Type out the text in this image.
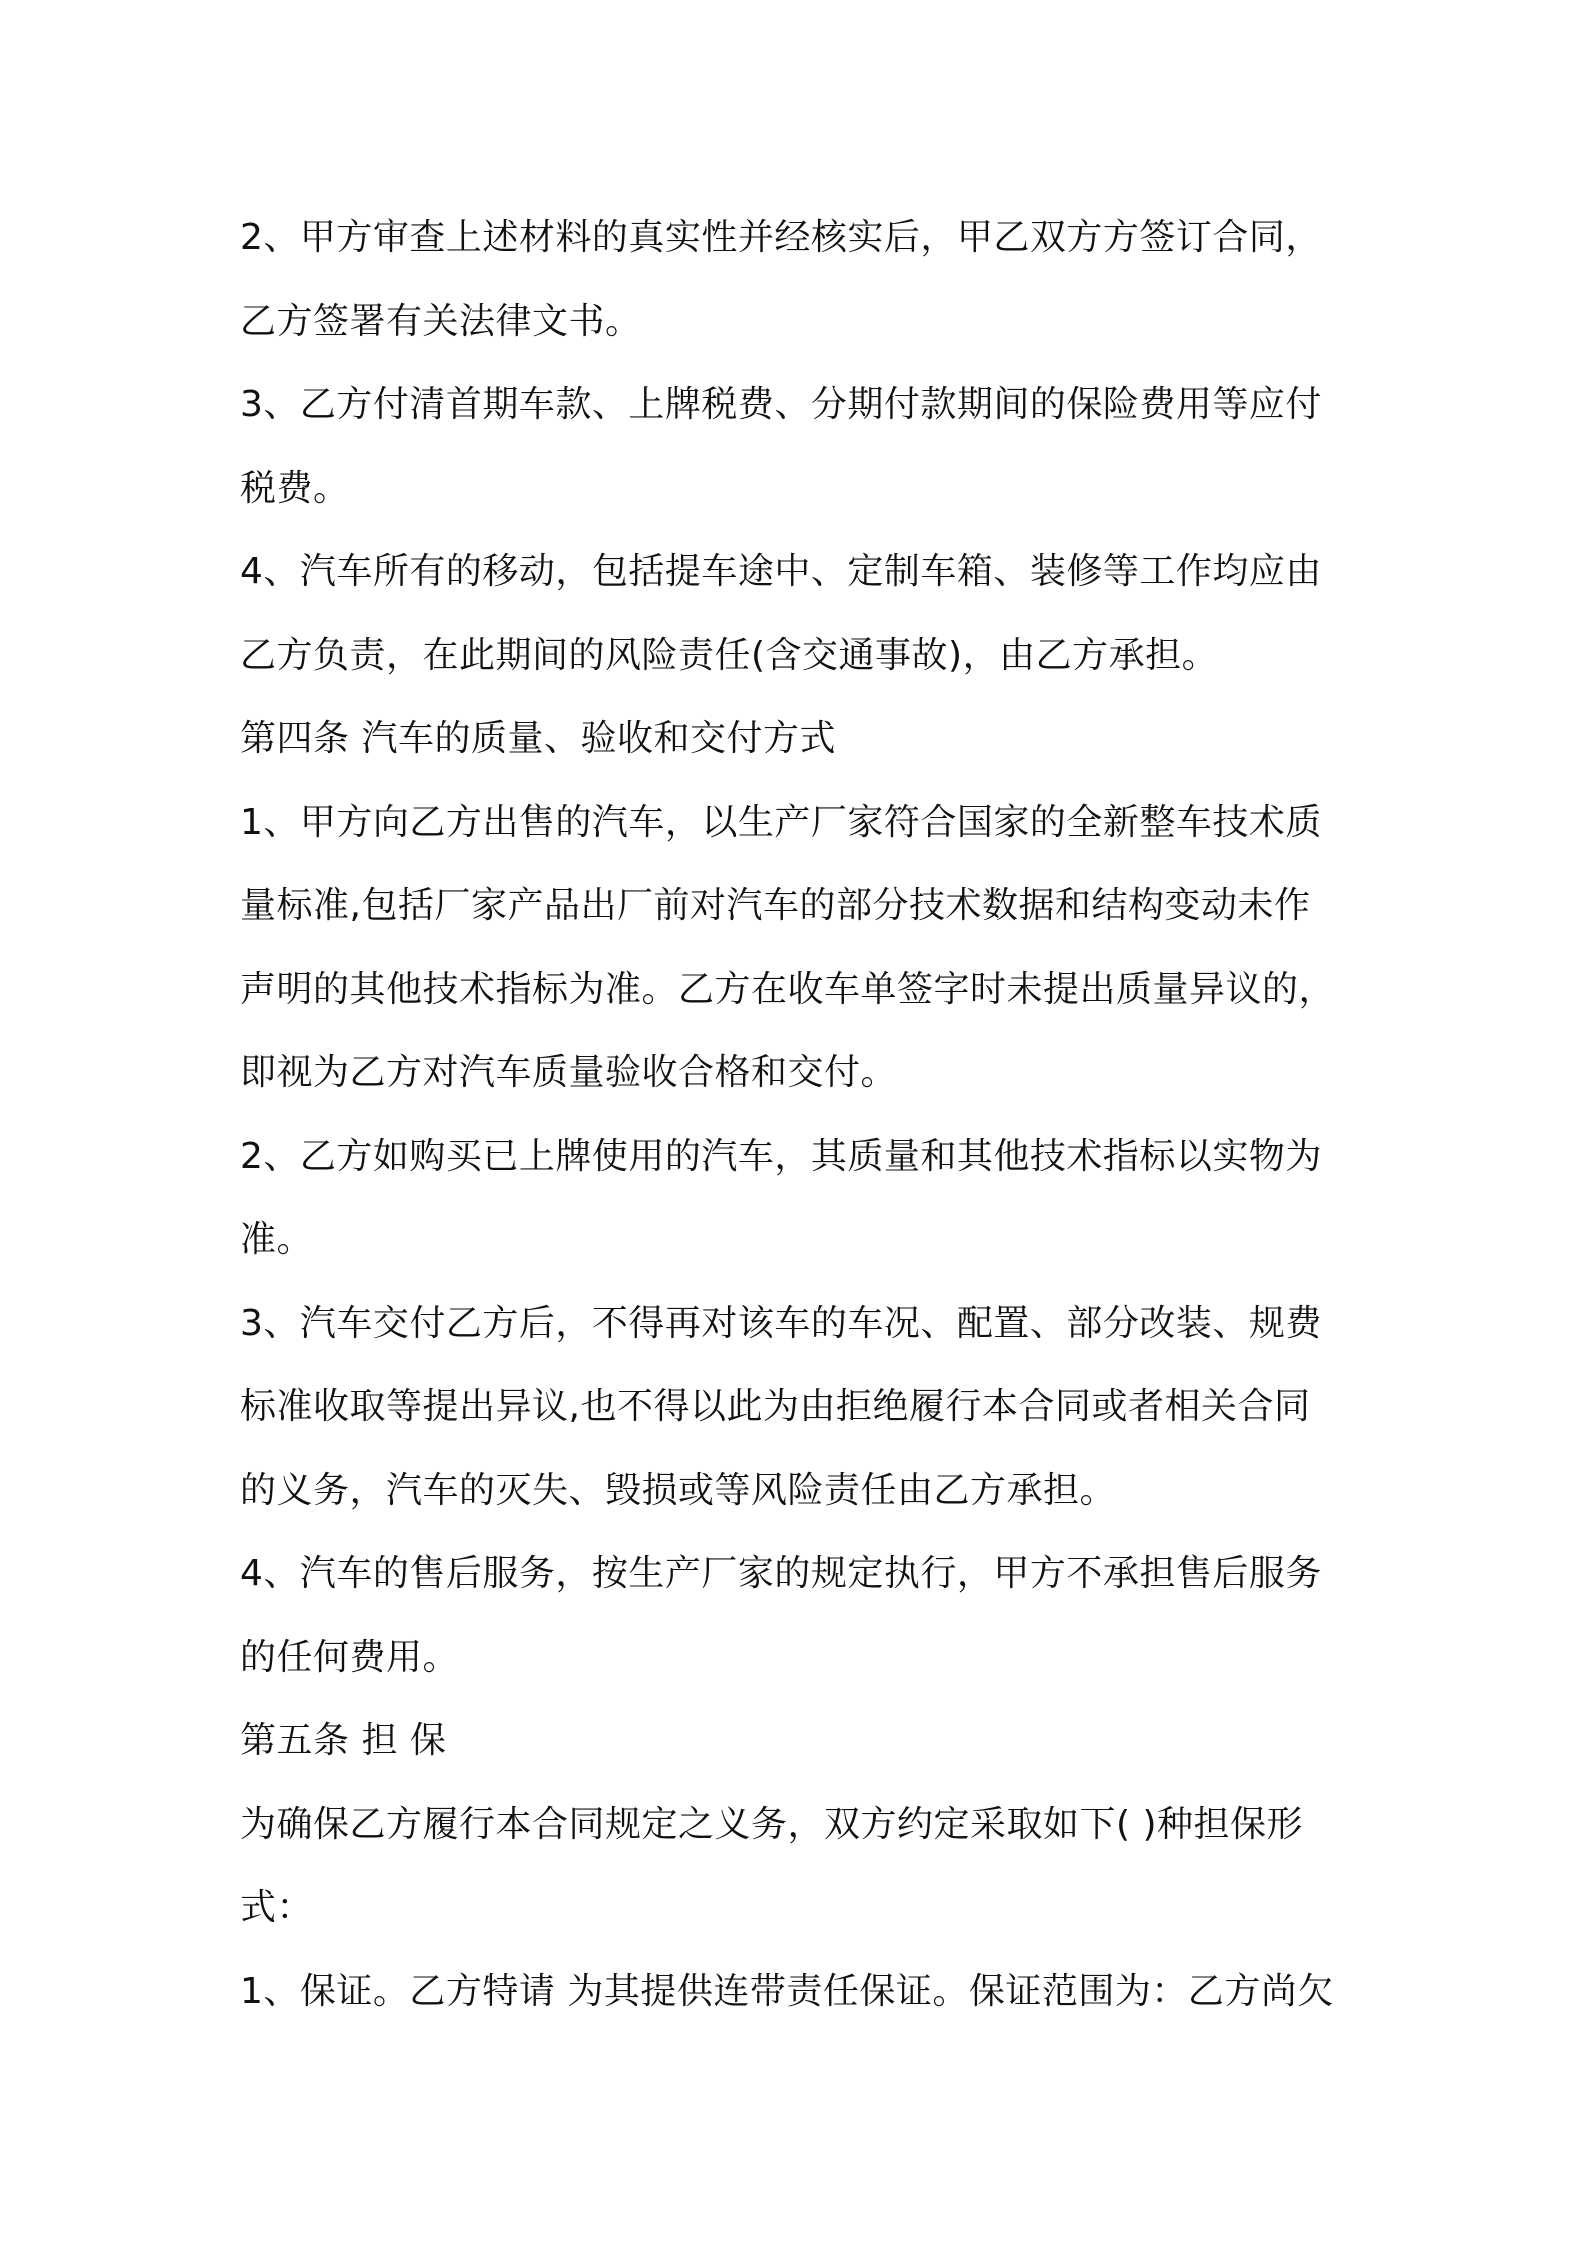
2、甲方审查上述材料的真实性并经核实后，甲乙双方方签订合同，
乙方签署有关法律文书。
3、乙方付清首期车款、上牌税费、分期付款期间的保险费用等应付
税费。
4、汽车所有的移动，包括提车途中、定制车箱、装修等工作均应由
乙方负责，在此期间的风险责任(含交通事故)，由乙方承担。
第四条 汽车的质量、验收和交付方式
1、甲方向乙方出售的汽车，以生产厂家符合国家的全新整车技术质
量标准,包括厂家产品出厂前对汽车的部分技术数据和结构变动未作
声明的其他技术指标为准。乙方在收车单签字时未提出质量异议的，
即视为乙方对汽车质量验收合格和交付。
2、乙方如购买已上牌使用的汽车，其质量和其他技术指标以实物为
准。
3、汽车交付乙方后，不得再对该车的车况、配置、部分改装、规费
标准收取等提出异议,也不得以此为由拒绝履行本合同或者相关合同
的义务，汽车的灭失、毁损或等风险责任由乙方承担。
4、汽车的售后服务，按生产厂家的规定执行，甲方不承担售后服务
的任何费用。
第五条 担 保
为确保乙方履行本合同规定之义务，双方约定采取如下( )种担保形
式：
1、保证。乙方特请 为其提供连带责任保证。保证范围为：乙方尚欠
